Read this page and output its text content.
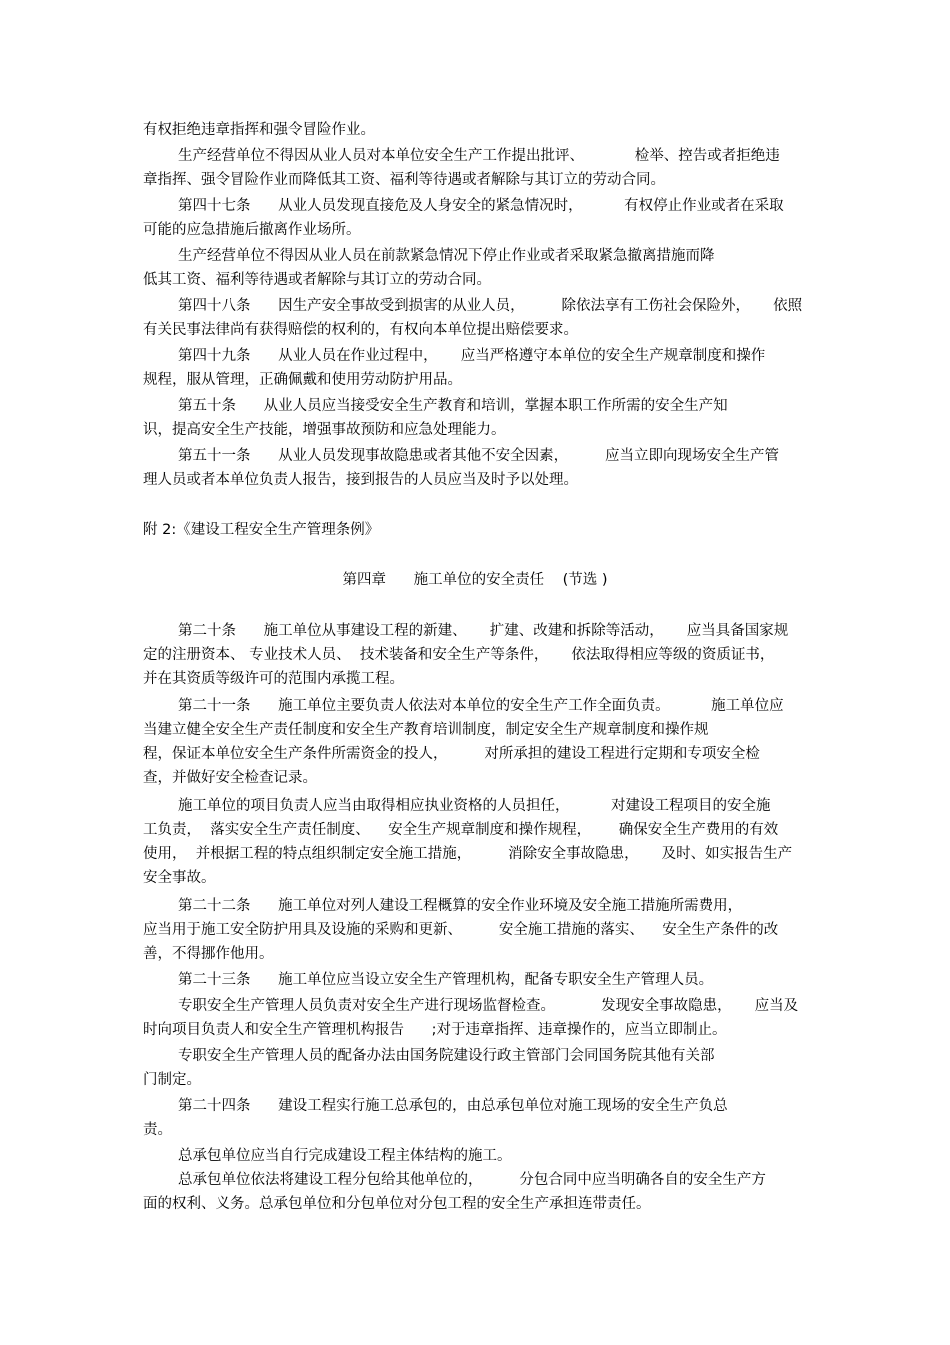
有权拒绝违章指挥和强令冒险作业。
生产经营单位不得因从业人员对本单位安全生产工作提出批评、           检举、控告或者拒绝违
章指挥、强令冒险作业而降低其工资、福利等待遇或者解除与其订立的劳动合同。
第四十七条      从业人员发现直接危及人身安全的紧急情况时，         有权停止作业或者在采取
可能的应急措施后撤离作业场所。
生产经营单位不得因从业人员在前款紧急情况下停止作业或者采取紧急撤离措施而降
低其工资、福利等待遇或者解除与其订立的劳动合同。
第四十八条      因生产安全事故受到损害的从业人员，        除依法享有工伤社会保险外，     依照
有关民事法律尚有获得赔偿的权利的，有权向本单位提出赔偿要求。
第四十九条      从业人员在作业过程中，     应当严格遵守本单位的安全生产规章制度和操作
规程，服从管理，正确佩戴和使用劳动防护用品。
第五十条      从业人员应当接受安全生产教育和培训，掌握本职工作所需的安全生产知
识，提高安全生产技能，增强事故预防和应急处理能力。
第五十一条      从业人员发现事故隐患或者其他不安全因素，        应当立即向现场安全生产管
理人员或者本单位负责人报告，接到报告的人员应当及时予以处理。
附 2:《建设工程安全生产管理条例》
第四章      施工单位的安全责任    (节选 )
第二十条      施工单位从事建设工程的新建、     扩建、改建和拆除等活动，     应当具备国家规
定的注册资本、 专业技术人员、  技术装备和安全生产等条件，     依法取得相应等级的资质证书，
并在其资质等级许可的范围内承揽工程。
第二十一条      施工单位主要负责人依法对本单位的安全生产工作全面负责。         施工单位应
当建立健全安全生产责任制度和安全生产教育培训制度，制定安全生产规章制度和操作规
程，保证本单位安全生产条件所需资金的投人，        对所承担的建设工程进行定期和专项安全检
查，并做好安全检查记录。
施工单位的项目负责人应当由取得相应执业资格的人员担任，         对建设工程项目的安全施
工负责，  落实安全生产责任制度、    安全生产规章制度和操作规程，      确保安全生产费用的有效
使用，  并根据工程的特点组织制定安全施工措施，        消除安全事故隐患，     及时、如实报告生产
安全事故。
第二十二条      施工单位对列人建设工程概算的安全作业环境及安全施工措施所需费用，
应当用于施工安全防护用具及设施的采购和更新、        安全施工措施的落实、    安全生产条件的改
善，不得挪作他用。
第二十三条      施工单位应当设立安全生产管理机构，配备专职安全生产管理人员。
专职安全生产管理人员负责对安全生产进行现场监督检查。          发现安全事故隐患，     应当及
时向项目负责人和安全生产管理机构报告      ;对于违章指挥、违章操作的，应当立即制止。
专职安全生产管理人员的配备办法由国务院建设行政主管部门会同国务院其他有关部
门制定。
第二十四条      建设工程实行施工总承包的，由总承包单位对施工现场的安全生产负总
责。
总承包单位应当自行完成建设工程主体结构的施工。
总承包单位依法将建设工程分包给其他单位的，        分包合同中应当明确各自的安全生产方
面的权利、义务。总承包单位和分包单位对分包工程的安全生产承担连带责任。
